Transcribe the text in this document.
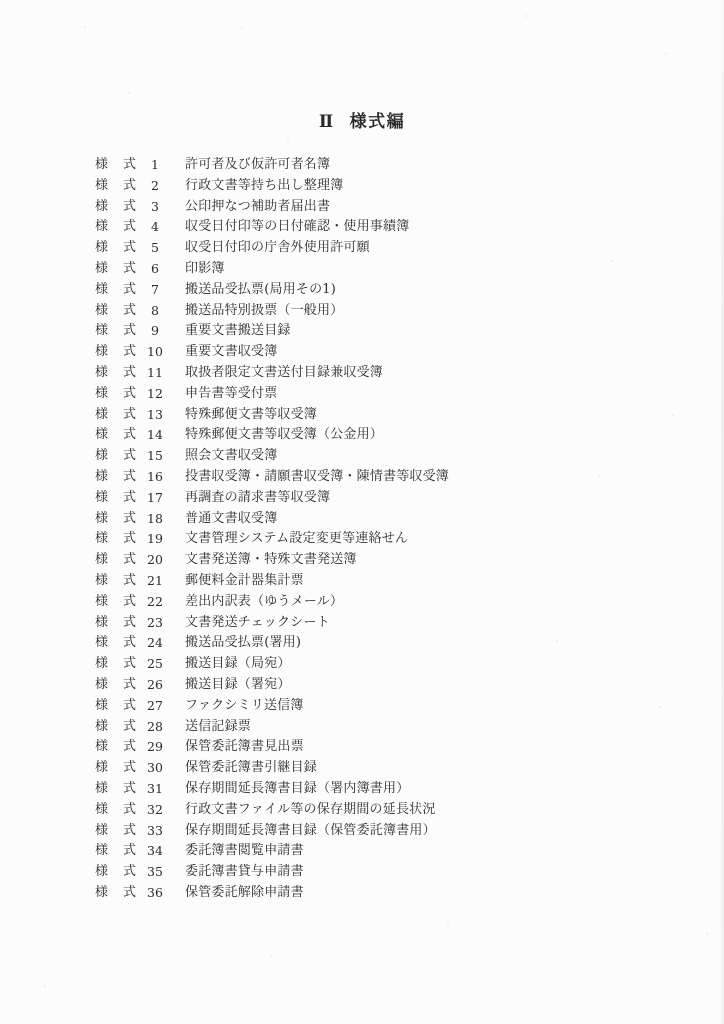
Ⅱ 様式編
様 式	1	許可者及び仮許可者名簿
様 式	2	行政文書等持ち出し整理簿
様 式	3	公印押なつ補助者届出書
様 式	4	収受日付印等の日付確認・使用事績簿
様 式	5	収受日付印の庁舎外使用許可願
様 式	6	印影簿
様 式	7	搬送品受払票(局用その1)
様 式	8	搬送品特別扱票（一般用）
様 式	9	重要文書搬送目録
様 式 10	重要文書収受簿
様 式 11	取扱者限定文書送付目録兼収受簿
様 式 12	申告書等受付票
様 式 13	特殊郵便文書等収受簿
様 式 14	特殊郵便文書等収受簿（公金用）
様 式 15	照会文書収受簿
様 式 16	投書収受簿・請願書収受簿・陳情書等収受簿
様 式 17	再調査の請求書等収受簿
様 式 18	普通文書収受簿
様 式 19	文書管理システム設定変更等連絡せん
様 式 20	文書発送簿・特殊文書発送簿
様 式 21	郵便料金計器集計票
様 式 22	差出内訳表（ゆうメール）
様 式 23	文書発送チェックシート
様 式 24	搬送品受払票(署用)
様 式 25	搬送目録（局宛）
様 式 26	搬送目録（署宛）
様 式 27	ファクシミリ送信簿
様 式 28	送信記録票
様 式 29	保管委託簿書見出票
様 式 30	保管委託簿書引継目録
様 式 31	保存期間延長簿書目録（署内簿書用）
様 式 32	行政文書ファイル等の保存期間の延長状況
様 式 33	保存期間延長簿書目録（保管委託簿書用）
様 式 34	委託簿書閲覧申請書
様 式 35	委託簿書貸与申請書
様 式 36	保管委託解除申請書
